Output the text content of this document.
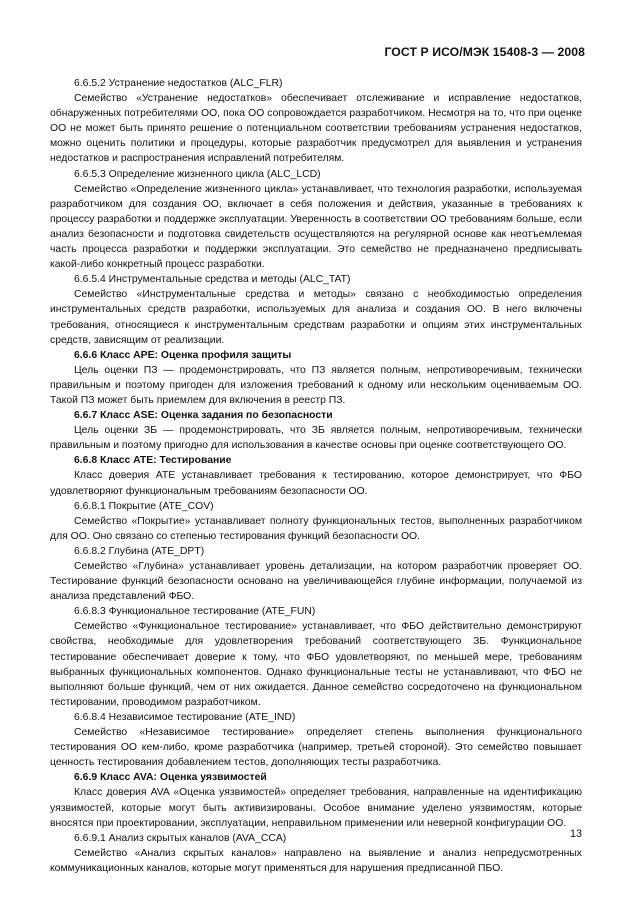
ГОСТ Р ИСО/МЭК 15408-3 — 2008

6.6.5.2 Устранение недостатков (ALC_FLR)

Семейство «Устранение недостатков» обеспечивает отслеживание и исправление недостатков, обнаруженных потребителями ОО, пока ОО сопровождается разработчиком. Несмотря на то, что при оценке ОО не может быть принято решение о потенциальном соответствии требованиям устранения недостатков, можно оценить политики и процедуры, которые разработчик предусмотрел для выявления и устранения недостатков и распространения исправлений потребителям.

6.6.5.3 Определение жизненного цикла (ALC_LCD)

Семейство «Определение жизненного цикла» устанавливает, что технология разработки, используемая разработчиком для создания ОО, включает в себя положения и действия, указанные в требованиях к процессу разработки и поддержке эксплуатации. Уверенность в соответствии ОО требованиям больше, если анализ безопасности и подготовка свидетельств осуществляются на регулярной основе как неотъемлемая часть процесса разработки и поддержки эксплуатации. Это семейство не предназначено предписывать какой-либо конкретный процесс разработки.

6.6.5.4 Инструментальные средства и методы (ALC_TAT)

Семейство «Инструментальные средства и методы» связано с необходимостью определения инструментальных средств разработки, используемых для анализа и создания ОО. В него включены требования, относящиеся к инструментальным средствам разработки и опциям этих инструментальных средств, зависящим от реализации.

6.6.6 Класс APE: Оценка профиля защиты

Цель оценки ПЗ — продемонстрировать, что ПЗ является полным, непротиворечивым, технически правильным и поэтому пригоден для изложения требований к одному или нескольким оцениваемым ОО. Такой ПЗ может быть приемлем для включения в реестр ПЗ.

6.6.7 Класс ASE: Оценка задания по безопасности

Цель оценки ЗБ — продемонстрировать, что ЗБ является полным, непротиворечивым, технически правильным и поэтому пригодно для использования в качестве основы при оценке соответствующего ОО.

6.6.8 Класс ATE: Тестирование

Класс доверия ATE устанавливает требования к тестированию, которое демонстрирует, что ФБО удовлетворяют функциональным требованиям безопасности ОО.

6.6.8.1 Покрытие (ATE_COV)

Семейство «Покрытие» устанавливает полноту функциональных тестов, выполненных разработчиком для ОО. Оно связано со степенью тестирования функций безопасности ОО.

6.6.8.2 Глубина (ATE_DPT)

Семейство «Глубина» устанавливает уровень детализации, на котором разработчик проверяет ОО. Тестирование функций безопасности основано на увеличивающейся глубине информации, получаемой из анализа представлений ФБО.

6.6.8.3 Функциональное тестирование (ATE_FUN)

Семейство «Функциональное тестирование» устанавливает, что ФБО действительно демонстрируют свойства, необходимые для удовлетворения требований соответствующего ЗБ. Функциональное тестирование обеспечивает доверие к тому, что ФБО удовлетворяют, по меньшей мере, требованиям выбранных функциональных компонентов. Однако функциональные тесты не устанавливают, что ФБО не выполняют больше функций, чем от них ожидается. Данное семейство сосредоточено на функциональном тестировании, проводимом разработчиком.

6.6.8.4 Независимое тестирование (ATE_IND)

Семейство «Независимое тестирование» определяет степень выполнения функционального тестирования ОО кем-либо, кроме разработчика (например, третьей стороной). Это семейство повышает ценность тестирования добавлением тестов, дополняющих тесты разработчика.

6.6.9 Класс AVA: Оценка уязвимостей

Класс доверия AVA «Оценка уязвимостей» определяет требования, направленные на идентификацию уязвимостей, которые могут быть активизированы. Особое внимание уделено уязвимостям, которые вносятся при проектировании, эксплуатации, неправильном применении или неверной конфигурации ОО.

6.6.9.1 Анализ скрытых каналов (AVA_CCA)

Семейство «Анализ скрытых каналов» направлено на выявление и анализ непредусмотренных коммуникационных каналов, которые могут применяться для нарушения предписанной ПБО.

13
